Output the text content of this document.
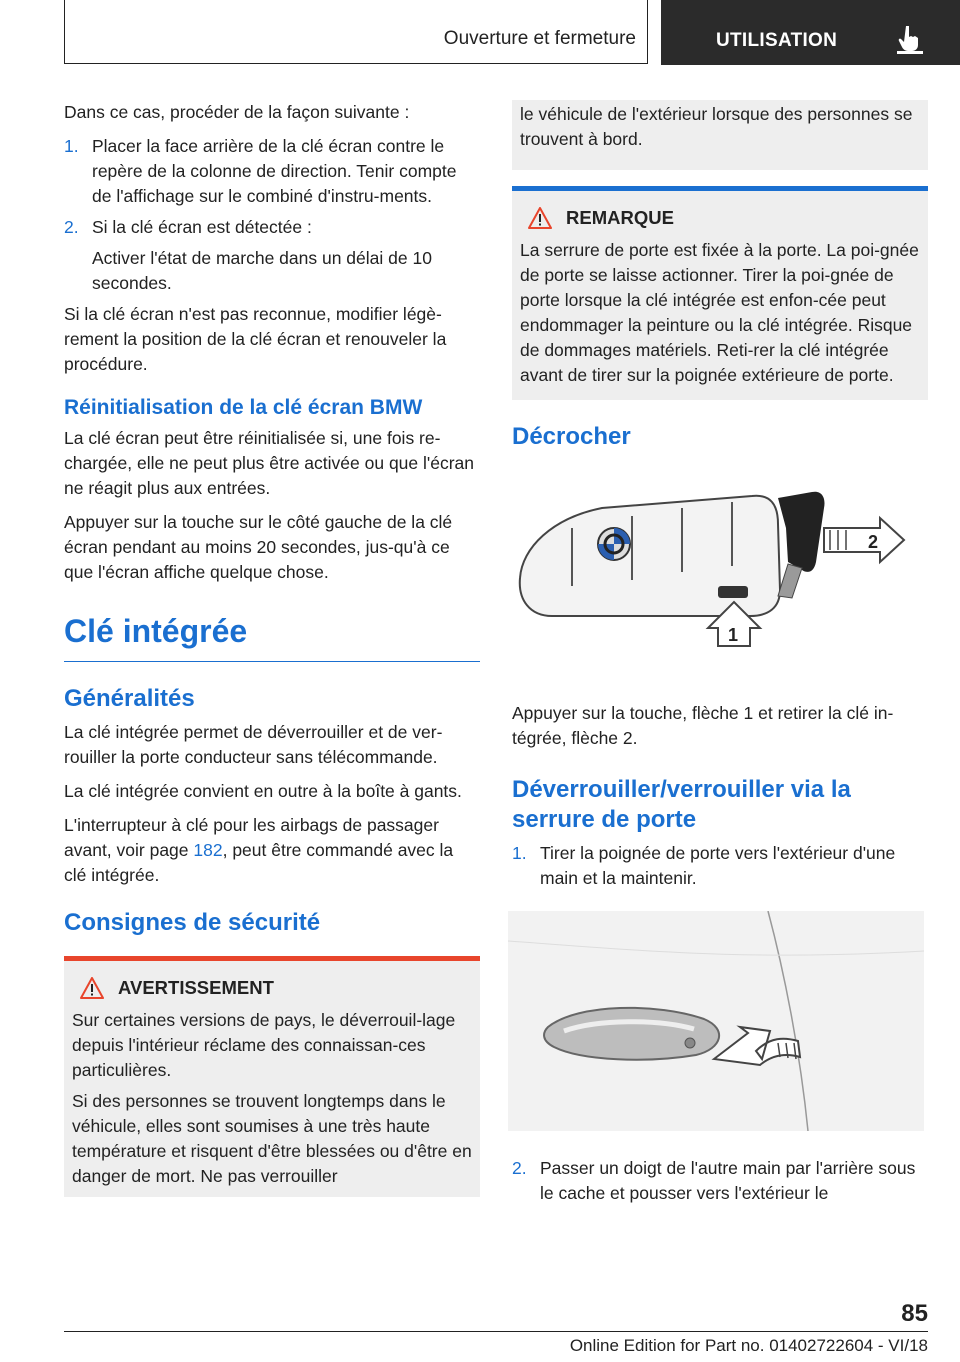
Ouverture et fermeture	UTILISATION

Dans ce cas, procéder de la façon suivante :

1. Placer la face arrière de la clé écran contre le repère de la colonne de direction. Tenir compte de l'affichage sur le combiné d'instru‐ments.
2. Si la clé écran est détectée :
Activer l'état de marche dans un délai de 10 secondes.

Si la clé écran n'est pas reconnue, modifier légè‐rement la position de la clé écran et renouveler la procédure.

Réinitialisation de la clé écran BMW

La clé écran peut être réinitialisée si, une fois re‐chargée, elle ne peut plus être activée ou que l'écran ne réagit plus aux entrées.

Appuyer sur la touche sur le côté gauche de la clé écran pendant au moins 20 secondes, jus‐qu'à ce que l'écran affiche quelque chose.

Clé intégrée
Généralités

La clé intégrée permet de déverrouiller et de ver‐rouiller la porte conducteur sans télécommande.

La clé intégrée convient en outre à la boîte à gants.

L'interrupteur à clé pour les airbags de passager avant, voir page 182, peut être commandé avec la clé intégrée.

Consignes de sécurité
AVERTISSEMENT

Sur certaines versions de pays, le déverrouil‐lage depuis l'intérieur réclame des connaissan‐ces particulières.

Si des personnes se trouvent longtemps dans le véhicule, elles sont soumises à une très haute température et risquent d'être blessées ou d'être en danger de mort. Ne pas verrouiller

le véhicule de l'extérieur lorsque des personnes se trouvent à bord.
REMARQUE

La serrure de porte est fixée à la porte. La poi‐gnée de porte se laisse actionner. Tirer la poi‐gnée de porte lorsque la clé intégrée est enfon‐cée peut endommager la peinture ou la clé intégrée. Risque de dommages matériels. Reti‐rer la clé intégrée avant de tirer sur la poignée extérieure de porte.

Décrocher
2
1

Appuyer sur la touche, flèche 1 et retirer la clé in‐tégrée, flèche 2.

Déverrouiller/verrouiller via la serrure de porte
1. Tirer la poignée de porte vers l'extérieur d'une main et la maintenir.
2. Passer un doigt de l'autre main par l'arrière sous le cache et pousser vers l'extérieur le
85
Online Edition for Part no. 01402722604 - VI/18
